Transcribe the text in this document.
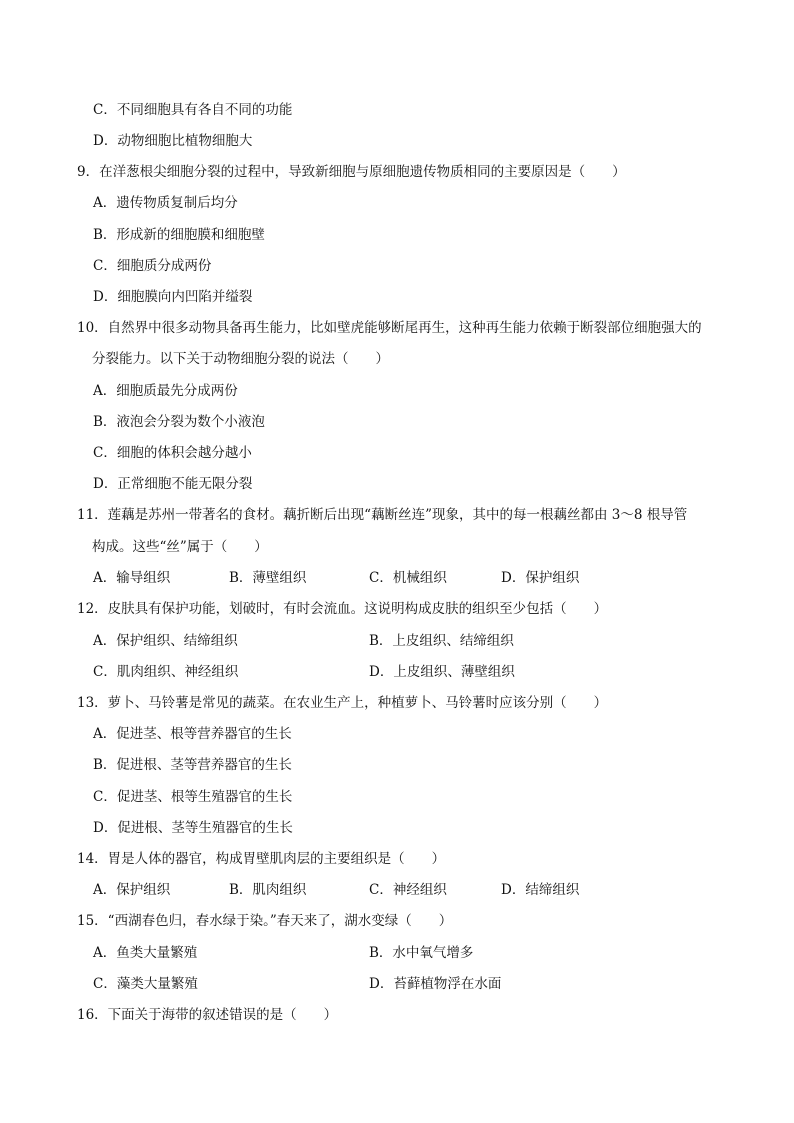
C．不同细胞具有各自不同的功能
D．动物细胞比植物细胞大
9．在洋葱根尖细胞分裂的过程中，导致新细胞与原细胞遗传物质相同的主要原因是（　　）
A．遗传物质复制后均分
B．形成新的细胞膜和细胞壁
C．细胞质分成两份
D．细胞膜向内凹陷并缢裂
10．自然界中很多动物具备再生能力，比如壁虎能够断尾再生，这种再生能力依赖于断裂部位细胞强大的
分裂能力。以下关于动物细胞分裂的说法（　　）
A．细胞质最先分成两份
B．液泡会分裂为数个小液泡
C．细胞的体积会越分越小
D．正常细胞不能无限分裂
11．莲藕是苏州一带著名的食材。藕折断后出现“藕断丝连”现象，其中的每一根藕丝都由 3～8 根导管
构成。这些“丝”属于（　　）
A．输导组织	B．薄壁组织	C．机械组织	D．保护组织
12．皮肤具有保护功能，划破时，有时会流血。这说明构成皮肤的组织至少包括（　　）
A．保护组织、结缔组织	B．上皮组织、结缔组织
C．肌肉组织、神经组织	D．上皮组织、薄壁组织
13．萝卜、马铃薯是常见的蔬菜。在农业生产上，种植萝卜、马铃薯时应该分别（　　）
A．促进茎、根等营养器官的生长
B．促进根、茎等营养器官的生长
C．促进茎、根等生殖器官的生长
D．促进根、茎等生殖器官的生长
14．胃是人体的器官，构成胃壁肌肉层的主要组织是（　　）
A．保护组织	B．肌肉组织	C．神经组织	D．结缔组织
15．“西湖春色归，春水绿于染。”春天来了，湖水变绿（　　）
A．鱼类大量繁殖	B．水中氧气增多
C．藻类大量繁殖	D．苔藓植物浮在水面
16．下面关于海带的叙述错误的是（　　）
